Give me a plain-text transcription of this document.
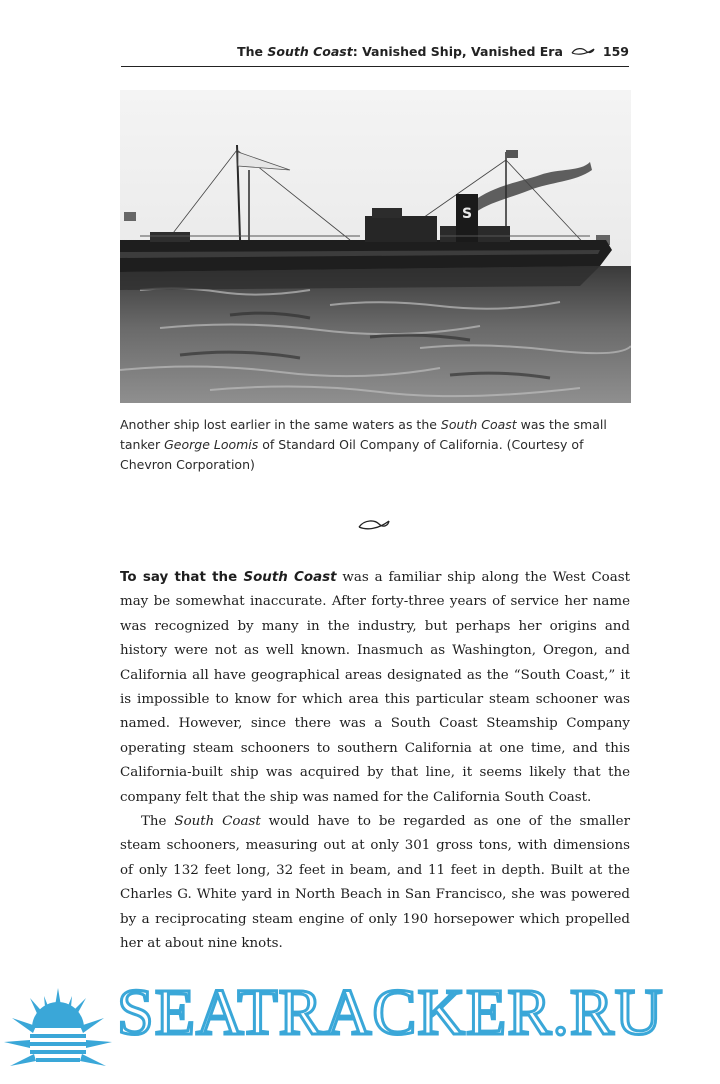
The South Coast: Vanished Ship, Vanished Era	159
S
Another ship lost earlier in the same waters as the South Coast was the small tanker George Loomis of Standard Oil Company of California. (Courtesy of Chevron Corporation)

To say that the South Coast was a familiar ship along the West Coast may be somewhat inaccurate. After forty-three years of service her name was recognized by many in the industry, but perhaps her origins and history were not as well known. Inasmuch as Washington, Oregon, and California all have geographical areas designated as the “South Coast,” it is impossible to know for which area this particular steam schooner was named. However, since there was a South Coast Steamship Company operating steam schooners to southern California at one time, and this California-built ship was acquired by that line, it seems likely that the company felt that the ship was named for the California South Coast.

The South Coast would have to be regarded as one of the smaller steam schooners, measuring out at only 301 gross tons, with dimensions of only 132 feet long, 32 feet in beam, and 11 feet in depth. Built at the Charles G. White yard in North Beach in San Francisco, she was powered by a reciprocating steam engine of only 190 horsepower which propelled her at about nine knots.

SEATRACKER.RU
